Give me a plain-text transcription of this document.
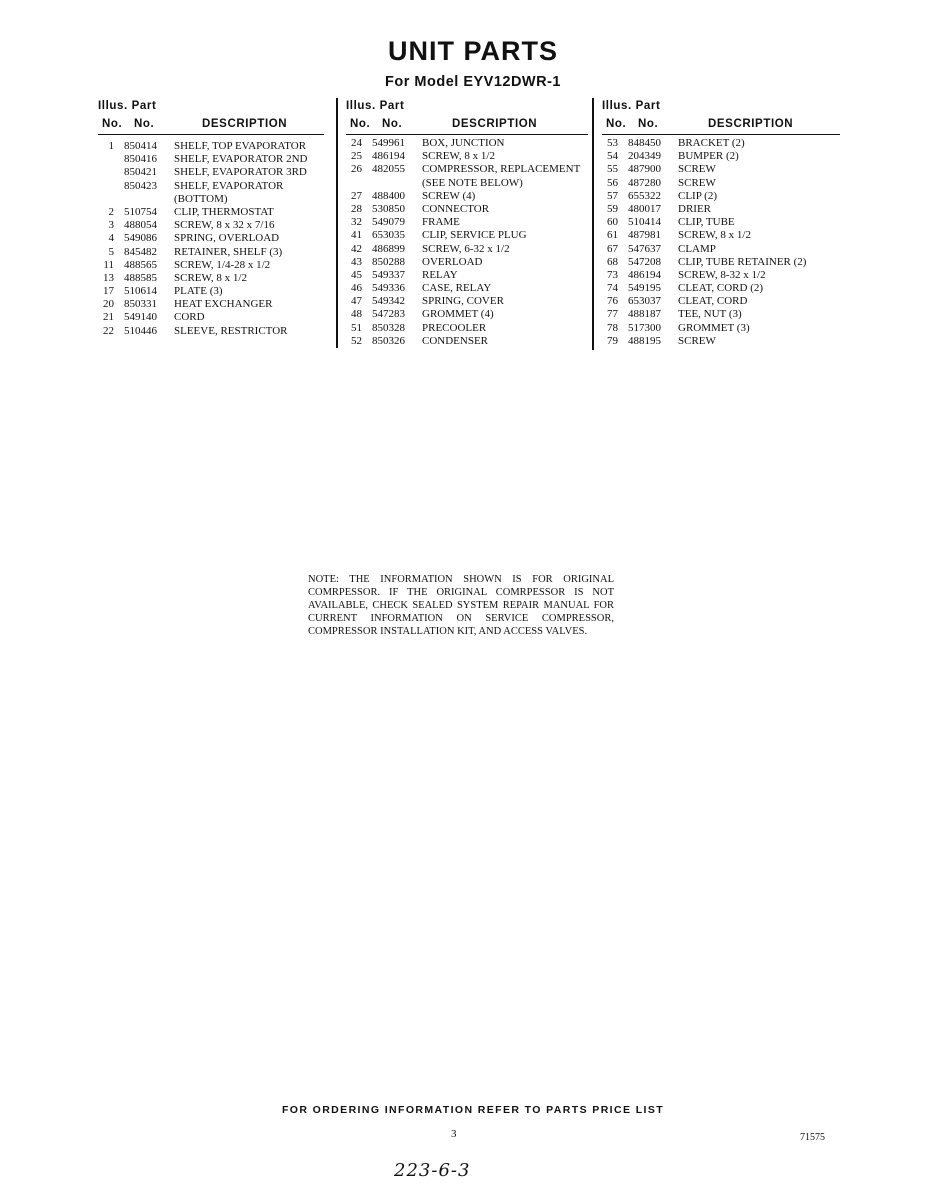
UNIT PARTS
For Model EYV12DWR-1
Illus. Part
No. No.	DESCRIPTION
1 850414 SHELF, TOP EVAPORATOR
850416 SHELF, EVAPORATOR 2ND
850421 SHELF, EVAPORATOR 3RD
850423 SHELF, EVAPORATOR
(BOTTOM)
2 510754 CLIP, THERMOSTAT
3 488054 SCREW, 8 x 32 x 7/16
4 549086 SPRING, OVERLOAD
5 845482 RETAINER, SHELF (3)
11 488565 SCREW, 1/4-28 x 1/2
13 488585 SCREW, 8 x 1/2
17 510614 PLATE (3)
20 850331 HEAT EXCHANGER
21 549140 CORD
22 510446 SLEEVE, RESTRICTOR
Illus. Part
No. No.	DESCRIPTION
24 549961 BOX, JUNCTION
25 486194 SCREW, 8 x 1/2
26 482055 COMPRESSOR, REPLACEMENT
(SEE NOTE BELOW)
27 488400 SCREW (4)
28 530850 CONNECTOR
32 549079 FRAME
41 653035 CLIP, SERVICE PLUG
42 486899 SCREW, 6-32 x 1/2
43 850288 OVERLOAD
45 549337 RELAY
46 549336 CASE, RELAY
47 549342 SPRING, COVER
48 547283 GROMMET (4)
51 850328 PRECOOLER
52 850326 CONDENSER
Illus. Part
No. No.	DESCRIPTION
53 848450 BRACKET (2)
54 204349 BUMPER (2)
55 487900 SCREW
56 487280 SCREW
57 655322 CLIP (2)
59 480017 DRIER
60 510414 CLIP, TUBE
61 487981 SCREW, 8 x 1/2
67 547637 CLAMP
68 547208 CLIP, TUBE RETAINER (2)
73 486194 SCREW, 8-32 x 1/2
74 549195 CLEAT, CORD (2)
76 653037 CLEAT, CORD
77 488187 TEE, NUT (3)
78 517300 GROMMET (3)
79 488195 SCREW
NOTE: THE INFORMATION SHOWN IS FOR ORIGINAL COMRPESSOR. IF THE ORIGINAL COMRPESSOR IS NOT AVAILABLE, CHECK SEALED SYSTEM REPAIR MANUAL FOR CURRENT INFORMATION ON SERVICE COMPRESSOR, COMPRESSOR INSTALLATION KIT, AND ACCESS VALVES.
FOR ORDERING INFORMATION REFER TO PARTS PRICE LIST
3	71575
223-6-3
